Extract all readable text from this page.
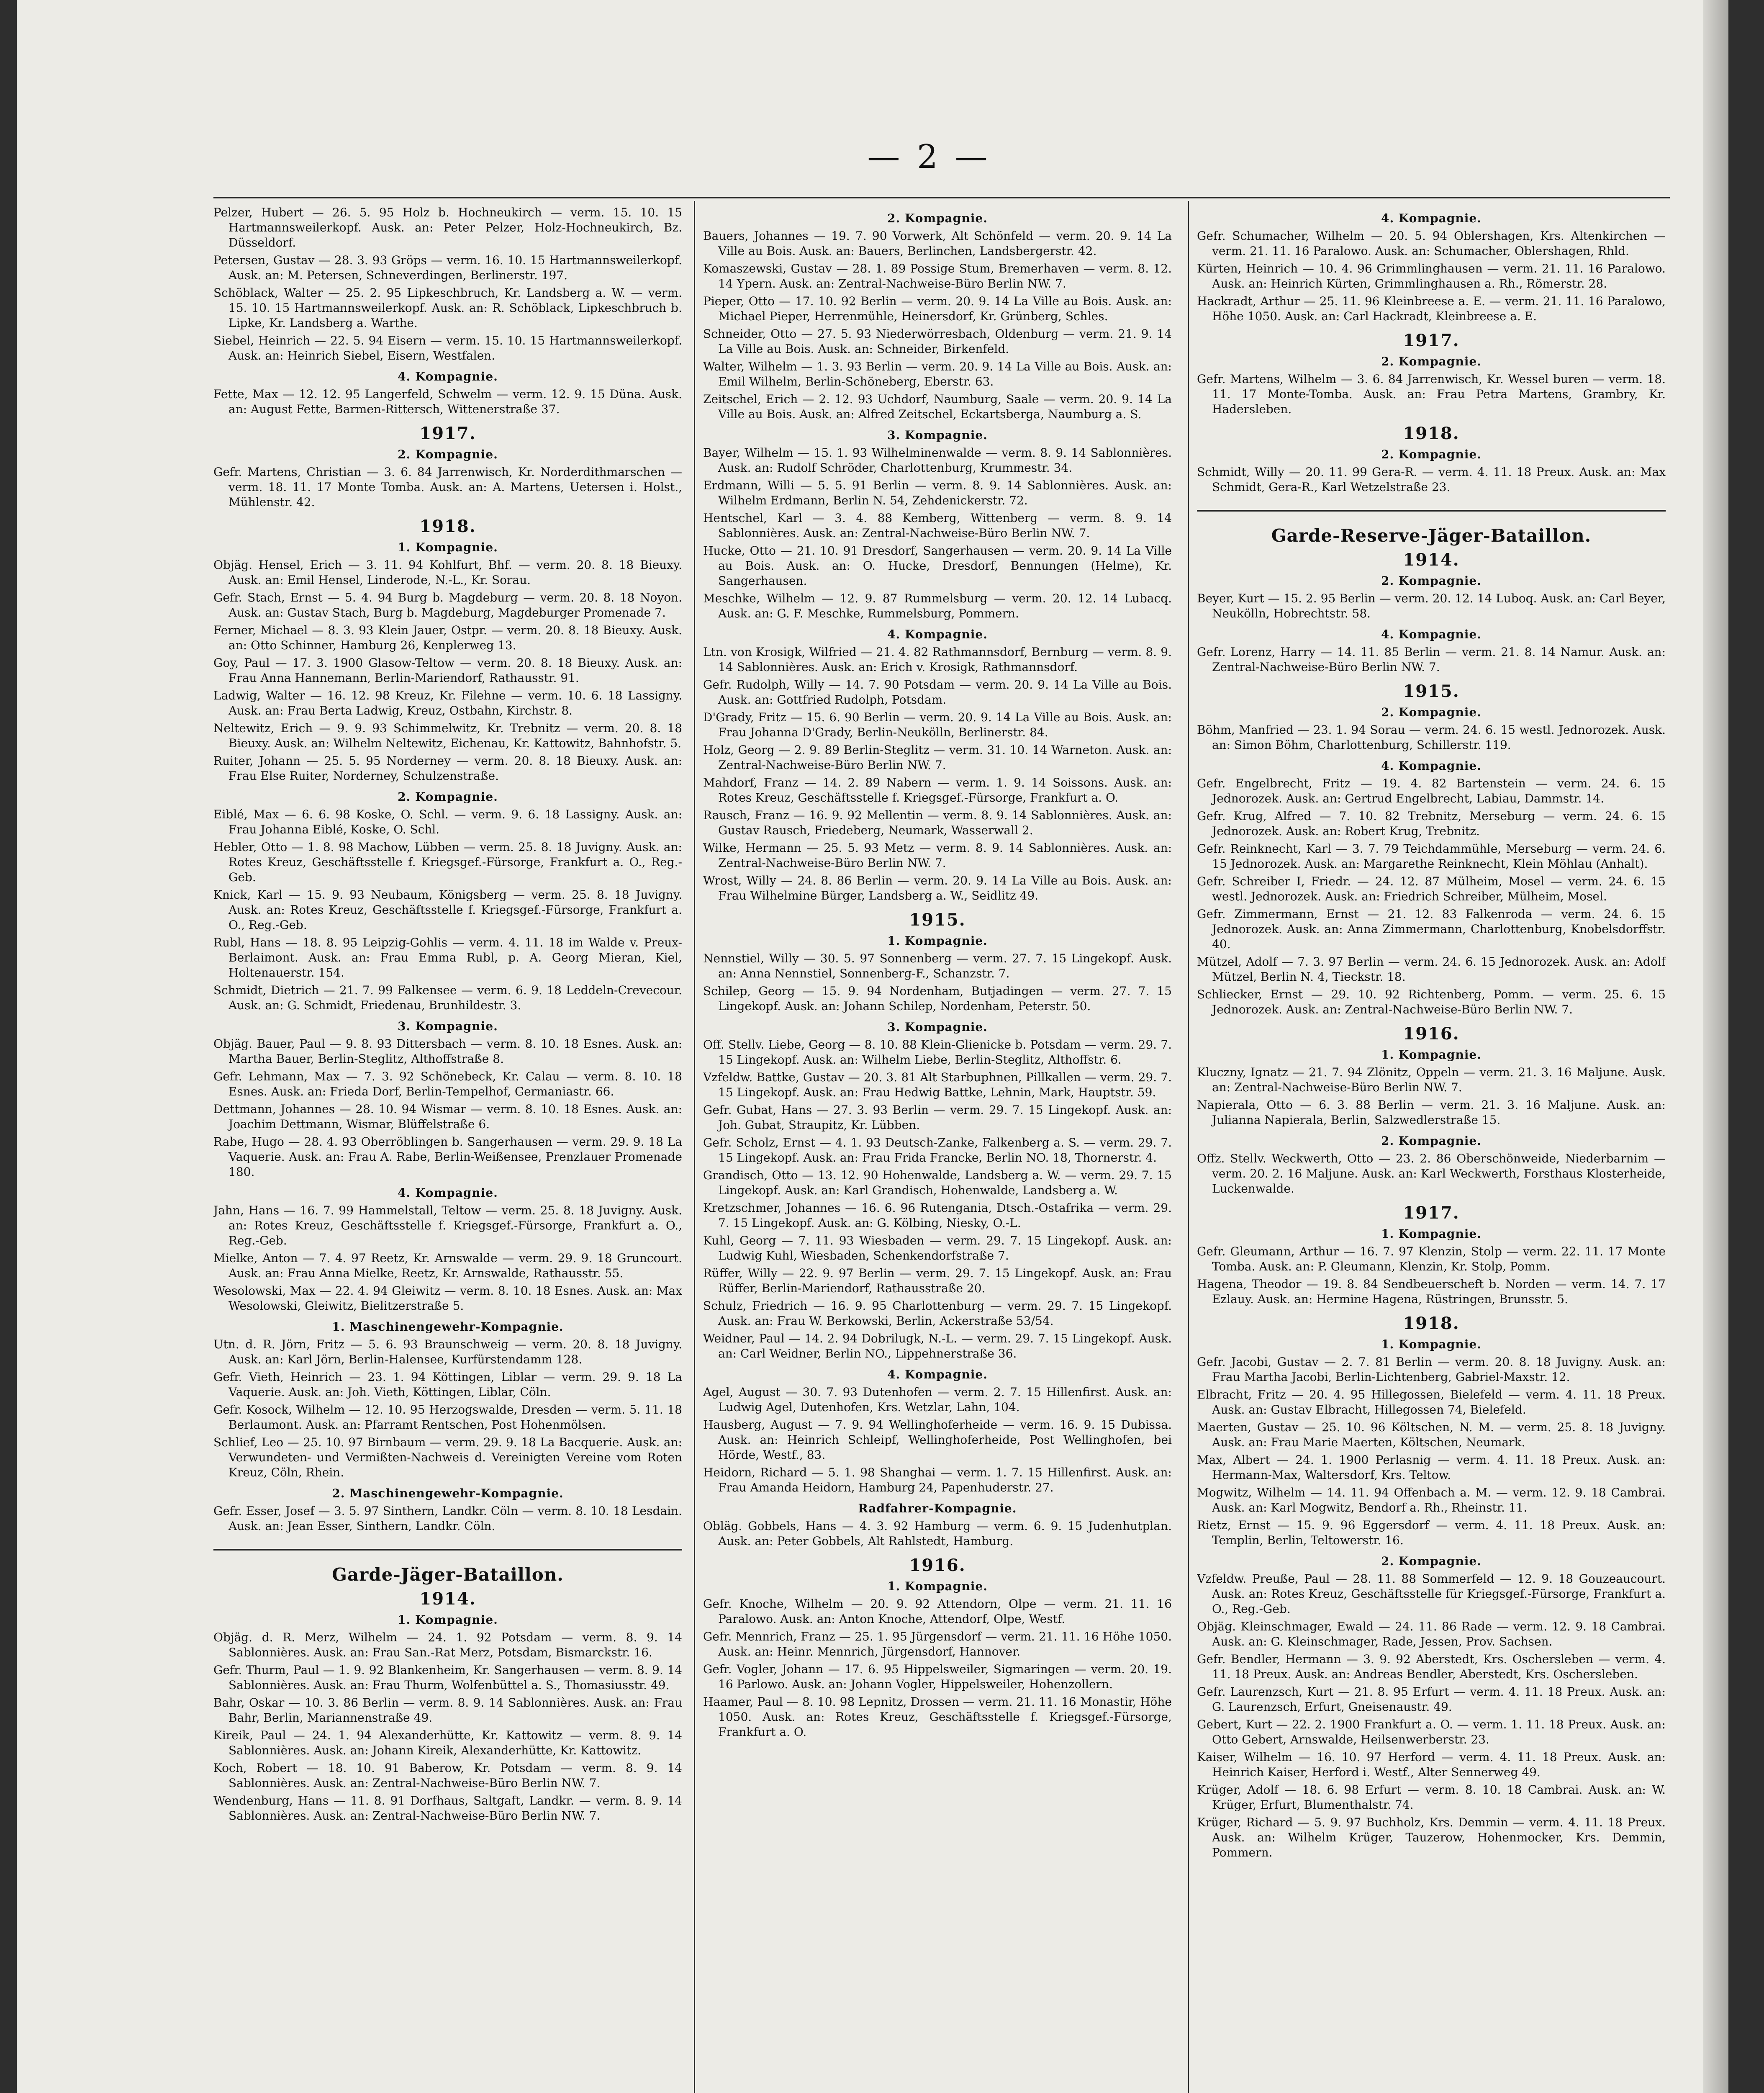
— 2 —
Pelzer, Hubert — 26. 5. 95 Holz b. Hochneukirch — verm. 15. 10. 15 Hartmannsweilerkopf. Ausk. an: Peter Pelzer, Holz-Hochneukirch, Bz. Düsseldorf.
Petersen, Gustav — 28. 3. 93 Gröps — verm. 16. 10. 15 Hartmannsweilerkopf. Ausk. an: M. Petersen, Schneverdingen, Berlinerstr. 197.
Schöblack, Walter — 25. 2. 95 Lipkeschbruch, Kr. Landsberg a. W. — verm. 15. 10. 15 Hartmannsweilerkopf. Ausk. an: R. Schöblack, Lipkeschbruch b. Lipke, Kr. Landsberg a. Warthe.
Siebel, Heinrich — 22. 5. 94 Eisern — verm. 15. 10. 15 Hartmannsweilerkopf. Ausk. an: Heinrich Siebel, Eisern, Westfalen.
4. Kompagnie.
Fette, Max — 12. 12. 95 Langerfeld, Schwelm — verm. 12. 9. 15 Düna. Ausk. an: August Fette, Barmen-Rittersch, Wittenerstraße 37.
1917.
2. Kompagnie.
Gefr. Martens, Christian — 3. 6. 84 Jarrenwisch, Kr. Norderdithmarschen — verm. 18. 11. 17 Monte Tomba. Ausk. an: A. Martens, Uetersen i. Holst., Mühlenstr. 42.
1918.
1. Kompagnie.
Objäg. Hensel, Erich — 3. 11. 94 Kohlfurt, Bhf. — verm. 20. 8. 18 Bieuxy. Ausk. an: Emil Hensel, Linderode, N.-L., Kr. Sorau.
Gefr. Stach, Ernst — 5. 4. 94 Burg b. Magdeburg — verm. 20. 8. 18 Noyon. Ausk. an: Gustav Stach, Burg b. Magdeburg, Magdeburger Promenade 7.
Ferner, Michael — 8. 3. 93 Klein Jauer, Ostpr. — verm. 20. 8. 18 Bieuxy. Ausk. an: Otto Schinner, Hamburg 26, Kenplerweg 13.
Goy, Paul — 17. 3. 1900 Glasow-Teltow — verm. 20. 8. 18 Bieuxy. Ausk. an: Frau Anna Hannemann, Berlin-Mariendorf, Rathausstr. 91.
Ladwig, Walter — 16. 12. 98 Kreuz, Kr. Filehne — verm. 10. 6. 18 Lassigny. Ausk. an: Frau Berta Ladwig, Kreuz, Ostbahn, Kirchstr. 8.
Neltewitz, Erich — 9. 9. 93 Schimmelwitz, Kr. Trebnitz — verm. 20. 8. 18 Bieuxy. Ausk. an: Wilhelm Neltewitz, Eichenau, Kr. Kattowitz, Bahnhofstr. 5.
Ruiter, Johann — 25. 5. 95 Norderney — verm. 20. 8. 18 Bieuxy. Ausk. an: Frau Else Ruiter, Norderney, Schulzenstraße.
2. Kompagnie.
Eiblé, Max — 6. 6. 98 Koske, O. Schl. — verm. 9. 6. 18 Lassigny. Ausk. an: Frau Johanna Eiblé, Koske, O. Schl.
Hebler, Otto — 1. 8. 98 Machow, Lübben — verm. 25. 8. 18 Juvigny. Ausk. an: Rotes Kreuz, Geschäftsstelle f. Kriegsgef.-Fürsorge, Frankfurt a. O., Reg.-Geb.
Knick, Karl — 15. 9. 93 Neubaum, Königsberg — verm. 25. 8. 18 Juvigny. Ausk. an: Rotes Kreuz, Geschäftsstelle f. Kriegsgef.-Fürsorge, Frankfurt a. O., Reg.-Geb.
Rubl, Hans — 18. 8. 95 Leipzig-Gohlis — verm. 4. 11. 18 im Walde v. Preux-Berlaimont. Ausk. an: Frau Emma Rubl, p. A. Georg Mieran, Kiel, Holtenauerstr. 154.
Schmidt, Dietrich — 21. 7. 99 Falkensee — verm. 6. 9. 18 Leddeln-Crevecour. Ausk. an: G. Schmidt, Friedenau, Brunhildestr. 3.
3. Kompagnie.
Objäg. Bauer, Paul — 9. 8. 93 Dittersbach — verm. 8. 10. 18 Esnes. Ausk. an: Martha Bauer, Berlin-Steglitz, Althoffstraße 8.
Gefr. Lehmann, Max — 7. 3. 92 Schönebeck, Kr. Calau — verm. 8. 10. 18 Esnes. Ausk. an: Frieda Dorf, Berlin-Tempelhof, Germaniastr. 66.
Dettmann, Johannes — 28. 10. 94 Wismar — verm. 8. 10. 18 Esnes. Ausk. an: Joachim Dettmann, Wismar, Blüffelstraße 6.
Rabe, Hugo — 28. 4. 93 Oberröblingen b. Sangerhausen — verm. 29. 9. 18 La Vaquerie. Ausk. an: Frau A. Rabe, Berlin-Weißensee, Prenzlauer Promenade 180.
4. Kompagnie.
Jahn, Hans — 16. 7. 99 Hammelstall, Teltow — verm. 25. 8. 18 Juvigny. Ausk. an: Rotes Kreuz, Geschäftsstelle f. Kriegsgef.-Fürsorge, Frankfurt a. O., Reg.-Geb.
Mielke, Anton — 7. 4. 97 Reetz, Kr. Arnswalde — verm. 29. 9. 18 Gruncourt. Ausk. an: Frau Anna Mielke, Reetz, Kr. Arnswalde, Rathausstr. 55.
Wesolowski, Max — 22. 4. 94 Gleiwitz — verm. 8. 10. 18 Esnes. Ausk. an: Max Wesolowski, Gleiwitz, Bielitzerstraße 5.
1. Maschinengewehr-Kompagnie.
Utn. d. R. Jörn, Fritz — 5. 6. 93 Braunschweig — verm. 20. 8. 18 Juvigny. Ausk. an: Karl Jörn, Berlin-Halensee, Kurfürstendamm 128.
Gefr. Vieth, Heinrich — 23. 1. 94 Köttingen, Liblar — verm. 29. 9. 18 La Vaquerie. Ausk. an: Joh. Vieth, Köttingen, Liblar, Cöln.
Gefr. Kosock, Wilhelm — 12. 10. 95 Herzogswalde, Dresden — verm. 5. 11. 18 Berlaumont. Ausk. an: Pfarramt Rentschen, Post Hohenmölsen.
Schlief, Leo — 25. 10. 97 Birnbaum — verm. 29. 9. 18 La Bacquerie. Ausk. an: Verwundeten- und Vermißten-Nachweis d. Vereinigten Vereine vom Roten Kreuz, Cöln, Rhein.
2. Maschinengewehr-Kompagnie.
Gefr. Esser, Josef — 3. 5. 97 Sinthern, Landkr. Cöln — verm. 8. 10. 18 Lesdain. Ausk. an: Jean Esser, Sinthern, Landkr. Cöln.
Garde-Jäger-Bataillon.
1914.
1. Kompagnie.
Objäg. d. R. Merz, Wilhelm — 24. 1. 92 Potsdam — verm. 8. 9. 14 Sablonnières. Ausk. an: Frau San.-Rat Merz, Potsdam, Bismarckstr. 16.
Gefr. Thurm, Paul — 1. 9. 92 Blankenheim, Kr. Sangerhausen — verm. 8. 9. 14 Sablonnières. Ausk. an: Frau Thurm, Wolfenbüttel a. S., Thomasiusstr. 49.
Bahr, Oskar — 10. 3. 86 Berlin — verm. 8. 9. 14 Sablonnières. Ausk. an: Frau Bahr, Berlin, Mariannenstraße 49.
Kireik, Paul — 24. 1. 94 Alexanderhütte, Kr. Kattowitz — verm. 8. 9. 14 Sablonnières. Ausk. an: Johann Kireik, Alexanderhütte, Kr. Kattowitz.
Koch, Robert — 18. 10. 91 Baberow, Kr. Potsdam — verm. 8. 9. 14 Sablonnières. Ausk. an: Zentral-Nachweise-Büro Berlin NW. 7.
Wendenburg, Hans — 11. 8. 91 Dorfhaus, Saltgaft, Landkr. — verm. 8. 9. 14 Sablonnières. Ausk. an: Zentral-Nachweise-Büro Berlin NW. 7.
2. Kompagnie.
Bauers, Johannes — 19. 7. 90 Vorwerk, Alt Schönfeld — verm. 20. 9. 14 La Ville au Bois. Ausk. an: Bauers, Berlinchen, Landsbergerstr. 42.
Komaszewski, Gustav — 28. 1. 89 Possige Stum, Bremerhaven — verm. 8. 12. 14 Ypern. Ausk. an: Zentral-Nachweise-Büro Berlin NW. 7.
Pieper, Otto — 17. 10. 92 Berlin — verm. 20. 9. 14 La Ville au Bois. Ausk. an: Michael Pieper, Herrenmühle, Heinersdorf, Kr. Grünberg, Schles.
Schneider, Otto — 27. 5. 93 Niederwörresbach, Oldenburg — verm. 21. 9. 14 La Ville au Bois. Ausk. an: Schneider, Birkenfeld.
Walter, Wilhelm — 1. 3. 93 Berlin — verm. 20. 9. 14 La Ville au Bois. Ausk. an: Emil Wilhelm, Berlin-Schöneberg, Eberstr. 63.
Zeitschel, Erich — 2. 12. 93 Uchdorf, Naumburg, Saale — verm. 20. 9. 14 La Ville au Bois. Ausk. an: Alfred Zeitschel, Eckartsberga, Naumburg a. S.
3. Kompagnie.
Bayer, Wilhelm — 15. 1. 93 Wilhelminenwalde — verm. 8. 9. 14 Sablonnières. Ausk. an: Rudolf Schröder, Charlottenburg, Krummestr. 34.
Erdmann, Willi — 5. 5. 91 Berlin — verm. 8. 9. 14 Sablonnières. Ausk. an: Wilhelm Erdmann, Berlin N. 54, Zehdenickerstr. 72.
Hentschel, Karl — 3. 4. 88 Kemberg, Wittenberg — verm. 8. 9. 14 Sablonnières. Ausk. an: Zentral-Nachweise-Büro Berlin NW. 7.
Hucke, Otto — 21. 10. 91 Dresdorf, Sangerhausen — verm. 20. 9. 14 La Ville au Bois. Ausk. an: O. Hucke, Dresdorf, Bennungen (Helme), Kr. Sangerhausen.
Meschke, Wilhelm — 12. 9. 87 Rummelsburg — verm. 20. 12. 14 Lubacq. Ausk. an: G. F. Meschke, Rummelsburg, Pommern.
4. Kompagnie.
Ltn. von Krosigk, Wilfried — 21. 4. 82 Rathmannsdorf, Bernburg — verm. 8. 9. 14 Sablonnières. Ausk. an: Erich v. Krosigk, Rathmannsdorf.
Gefr. Rudolph, Willy — 14. 7. 90 Potsdam — verm. 20. 9. 14 La Ville au Bois. Ausk. an: Gottfried Rudolph, Potsdam.
D'Grady, Fritz — 15. 6. 90 Berlin — verm. 20. 9. 14 La Ville au Bois. Ausk. an: Frau Johanna D'Grady, Berlin-Neukölln, Berlinerstr. 84.
Holz, Georg — 2. 9. 89 Berlin-Steglitz — verm. 31. 10. 14 Warneton. Ausk. an: Zentral-Nachweise-Büro Berlin NW. 7.
Mahdorf, Franz — 14. 2. 89 Nabern — verm. 1. 9. 14 Soissons. Ausk. an: Rotes Kreuz, Geschäftsstelle f. Kriegsgef.-Fürsorge, Frankfurt a. O.
Rausch, Franz — 16. 9. 92 Mellentin — verm. 8. 9. 14 Sablonnières. Ausk. an: Gustav Rausch, Friedeberg, Neumark, Wasserwall 2.
Wilke, Hermann — 25. 5. 93 Metz — verm. 8. 9. 14 Sablonnières. Ausk. an: Zentral-Nachweise-Büro Berlin NW. 7.
Wrost, Willy — 24. 8. 86 Berlin — verm. 20. 9. 14 La Ville au Bois. Ausk. an: Frau Wilhelmine Bürger, Landsberg a. W., Seidlitz 49.
1915.
1. Kompagnie.
Nennstiel, Willy — 30. 5. 97 Sonnenberg — verm. 27. 7. 15 Lingekopf. Ausk. an: Anna Nennstiel, Sonnenberg-F., Schanzstr. 7.
Schilep, Georg — 15. 9. 94 Nordenham, Butjadingen — verm. 27. 7. 15 Lingekopf. Ausk. an: Johann Schilep, Nordenham, Peterstr. 50.
3. Kompagnie.
Off. Stellv. Liebe, Georg — 8. 10. 88 Klein-Glienicke b. Potsdam — verm. 29. 7. 15 Lingekopf. Ausk. an: Wilhelm Liebe, Berlin-Steglitz, Althoffstr. 6.
Vzfeldw. Battke, Gustav — 20. 3. 81 Alt Starbuphnen, Pillkallen — verm. 29. 7. 15 Lingekopf. Ausk. an: Frau Hedwig Battke, Lehnin, Mark, Hauptstr. 59.
Gefr. Gubat, Hans — 27. 3. 93 Berlin — verm. 29. 7. 15 Lingekopf. Ausk. an: Joh. Gubat, Straupitz, Kr. Lübben.
Gefr. Scholz, Ernst — 4. 1. 93 Deutsch-Zanke, Falkenberg a. S. — verm. 29. 7. 15 Lingekopf. Ausk. an: Frau Frida Francke, Berlin NO. 18, Thornerstr. 4.
Grandisch, Otto — 13. 12. 90 Hohenwalde, Landsberg a. W. — verm. 29. 7. 15 Lingekopf. Ausk. an: Karl Grandisch, Hohenwalde, Landsberg a. W.
Kretzschmer, Johannes — 16. 6. 96 Rutengania, Dtsch.-Ostafrika — verm. 29. 7. 15 Lingekopf. Ausk. an: G. Kölbing, Niesky, O.-L.
Kuhl, Georg — 7. 11. 93 Wiesbaden — verm. 29. 7. 15 Lingekopf. Ausk. an: Ludwig Kuhl, Wiesbaden, Schenkendorfstraße 7.
Rüffer, Willy — 22. 9. 97 Berlin — verm. 29. 7. 15 Lingekopf. Ausk. an: Frau Rüffer, Berlin-Mariendorf, Rathausstraße 20.
Schulz, Friedrich — 16. 9. 95 Charlottenburg — verm. 29. 7. 15 Lingekopf. Ausk. an: Frau W. Berkowski, Berlin, Ackerstraße 53/54.
Weidner, Paul — 14. 2. 94 Dobrilugk, N.-L. — verm. 29. 7. 15 Lingekopf. Ausk. an: Carl Weidner, Berlin NO., Lippehnerstraße 36.
4. Kompagnie.
Agel, August — 30. 7. 93 Dutenhofen — verm. 2. 7. 15 Hillenfirst. Ausk. an: Ludwig Agel, Dutenhofen, Krs. Wetzlar, Lahn, 104.
Hausberg, August — 7. 9. 94 Wellinghoferheide — verm. 16. 9. 15 Dubissa. Ausk. an: Heinrich Schleipf, Wellinghoferheide, Post Wellinghofen, bei Hörde, Westf., 83.
Heidorn, Richard — 5. 1. 98 Shanghai — verm. 1. 7. 15 Hillenfirst. Ausk. an: Frau Amanda Heidorn, Hamburg 24, Papenhuderstr. 27.
Radfahrer-Kompagnie.
Obläg. Gobbels, Hans — 4. 3. 92 Hamburg — verm. 6. 9. 15 Judenhutplan. Ausk. an: Peter Gobbels, Alt Rahlstedt, Hamburg.
1916.
1. Kompagnie.
Gefr. Knoche, Wilhelm — 20. 9. 92 Attendorn, Olpe — verm. 21. 11. 16 Paralowo. Ausk. an: Anton Knoche, Attendorf, Olpe, Westf.
Gefr. Mennrich, Franz — 25. 1. 95 Jürgensdorf — verm. 21. 11. 16 Höhe 1050. Ausk. an: Heinr. Mennrich, Jürgensdorf, Hannover.
Gefr. Vogler, Johann — 17. 6. 95 Hippelsweiler, Sigmaringen — verm. 20. 19. 16 Parlowo. Ausk. an: Johann Vogler, Hippelsweiler, Hohenzollern.
Haamer, Paul — 8. 10. 98 Lepnitz, Drossen — verm. 21. 11. 16 Monastir, Höhe 1050. Ausk. an: Rotes Kreuz, Geschäftsstelle f. Kriegsgef.-Fürsorge, Frankfurt a. O.
4. Kompagnie.
Gefr. Schumacher, Wilhelm — 20. 5. 94 Oblershagen, Krs. Altenkirchen — verm. 21. 11. 16 Paralowo. Ausk. an: Schumacher, Oblershagen, Rhld.
Kürten, Heinrich — 10. 4. 96 Grimmlinghausen — verm. 21. 11. 16 Paralowo. Ausk. an: Heinrich Kürten, Grimmlinghausen a. Rh., Römerstr. 28.
Hackradt, Arthur — 25. 11. 96 Kleinbreese a. E. — verm. 21. 11. 16 Paralowo, Höhe 1050. Ausk. an: Carl Hackradt, Kleinbreese a. E.
1917.
2. Kompagnie.
Gefr. Martens, Wilhelm — 3. 6. 84 Jarrenwisch, Kr. Wessel buren — verm. 18. 11. 17 Monte-Tomba. Ausk. an: Frau Petra Martens, Grambry, Kr. Hadersleben.
1918.
2. Kompagnie.
Schmidt, Willy — 20. 11. 99 Gera-R. — verm. 4. 11. 18 Preux. Ausk. an: Max Schmidt, Gera-R., Karl Wetzelstraße 23.
Garde-Reserve-Jäger-Bataillon.
1914.
2. Kompagnie.
Beyer, Kurt — 15. 2. 95 Berlin — verm. 20. 12. 14 Luboq. Ausk. an: Carl Beyer, Neukölln, Hobrechtstr. 58.
4. Kompagnie.
Gefr. Lorenz, Harry — 14. 11. 85 Berlin — verm. 21. 8. 14 Namur. Ausk. an: Zentral-Nachweise-Büro Berlin NW. 7.
1915.
2. Kompagnie.
Böhm, Manfried — 23. 1. 94 Sorau — verm. 24. 6. 15 westl. Jednorozek. Ausk. an: Simon Böhm, Charlottenburg, Schillerstr. 119.
4. Kompagnie.
Gefr. Engelbrecht, Fritz — 19. 4. 82 Bartenstein — verm. 24. 6. 15 Jednorozek. Ausk. an: Gertrud Engelbrecht, Labiau, Dammstr. 14.
Gefr. Krug, Alfred — 7. 10. 82 Trebnitz, Merseburg — verm. 24. 6. 15 Jednorozek. Ausk. an: Robert Krug, Trebnitz.
Gefr. Reinknecht, Karl — 3. 7. 79 Teichdammühle, Merseburg — verm. 24. 6. 15 Jednorozek. Ausk. an: Margarethe Reinknecht, Klein Möhlau (Anhalt).
Gefr. Schreiber I, Friedr. — 24. 12. 87 Mülheim, Mosel — verm. 24. 6. 15 westl. Jednorozek. Ausk. an: Friedrich Schreiber, Mülheim, Mosel.
Gefr. Zimmermann, Ernst — 21. 12. 83 Falkenroda — verm. 24. 6. 15 Jednorozek. Ausk. an: Anna Zimmermann, Charlottenburg, Knobelsdorffstr. 40.
Mützel, Adolf — 7. 3. 97 Berlin — verm. 24. 6. 15 Jednorozek. Ausk. an: Adolf Mützel, Berlin N. 4, Tieckstr. 18.
Schliecker, Ernst — 29. 10. 92 Richtenberg, Pomm. — verm. 25. 6. 15 Jednorozek. Ausk. an: Zentral-Nachweise-Büro Berlin NW. 7.
1916.
1. Kompagnie.
Kluczny, Ignatz — 21. 7. 94 Zlönitz, Oppeln — verm. 21. 3. 16 Maljune. Ausk. an: Zentral-Nachweise-Büro Berlin NW. 7.
Napierala, Otto — 6. 3. 88 Berlin — verm. 21. 3. 16 Maljune. Ausk. an: Julianna Napierala, Berlin, Salzwedlerstraße 15.
2. Kompagnie.
Offz. Stellv. Weckwerth, Otto — 23. 2. 86 Oberschönweide, Niederbarnim — verm. 20. 2. 16 Maljune. Ausk. an: Karl Weckwerth, Forsthaus Klosterheide, Luckenwalde.
1917.
1. Kompagnie.
Gefr. Gleumann, Arthur — 16. 7. 97 Klenzin, Stolp — verm. 22. 11. 17 Monte Tomba. Ausk. an: P. Gleumann, Klenzin, Kr. Stolp, Pomm.
Hagena, Theodor — 19. 8. 84 Sendbeuerscheft b. Norden — verm. 14. 7. 17 Ezlauy. Ausk. an: Hermine Hagena, Rüstringen, Brunsstr. 5.
1918.
1. Kompagnie.
Gefr. Jacobi, Gustav — 2. 7. 81 Berlin — verm. 20. 8. 18 Juvigny. Ausk. an: Frau Martha Jacobi, Berlin-Lichtenberg, Gabriel-Maxstr. 12.
Elbracht, Fritz — 20. 4. 95 Hillegossen, Bielefeld — verm. 4. 11. 18 Preux. Ausk. an: Gustav Elbracht, Hillegossen 74, Bielefeld.
Maerten, Gustav — 25. 10. 96 Költschen, N. M. — verm. 25. 8. 18 Juvigny. Ausk. an: Frau Marie Maerten, Költschen, Neumark.
Max, Albert — 24. 1. 1900 Perlasnig — verm. 4. 11. 18 Preux. Ausk. an: Hermann-Max, Waltersdorf, Krs. Teltow.
Mogwitz, Wilhelm — 14. 11. 94 Offenbach a. M. — verm. 12. 9. 18 Cambrai. Ausk. an: Karl Mogwitz, Bendorf a. Rh., Rheinstr. 11.
Rietz, Ernst — 15. 9. 96 Eggersdorf — verm. 4. 11. 18 Preux. Ausk. an: Templin, Berlin, Teltowerstr. 16.
2. Kompagnie.
Vzfeldw. Preuße, Paul — 28. 11. 88 Sommerfeld — 12. 9. 18 Gouzeaucourt. Ausk. an: Rotes Kreuz, Geschäftsstelle für Kriegsgef.-Fürsorge, Frankfurt a. O., Reg.-Geb.
Objäg. Kleinschmager, Ewald — 24. 11. 86 Rade — verm. 12. 9. 18 Cambrai. Ausk. an: G. Kleinschmager, Rade, Jessen, Prov. Sachsen.
Gefr. Bendler, Hermann — 3. 9. 92 Aberstedt, Krs. Oschersleben — verm. 4. 11. 18 Preux. Ausk. an: Andreas Bendler, Aberstedt, Krs. Oschersleben.
Gefr. Laurenzsch, Kurt — 21. 8. 95 Erfurt — verm. 4. 11. 18 Preux. Ausk. an: G. Laurenzsch, Erfurt, Gneisenaustr. 49.
Gebert, Kurt — 22. 2. 1900 Frankfurt a. O. — verm. 1. 11. 18 Preux. Ausk. an: Otto Gebert, Arnswalde, Heilsenwerberstr. 23.
Kaiser, Wilhelm — 16. 10. 97 Herford — verm. 4. 11. 18 Preux. Ausk. an: Heinrich Kaiser, Herford i. Westf., Alter Sennerweg 49.
Krüger, Adolf — 18. 6. 98 Erfurt — verm. 8. 10. 18 Cambrai. Ausk. an: W. Krüger, Erfurt, Blumenthalstr. 74.
Krüger, Richard — 5. 9. 97 Buchholz, Krs. Demmin — verm. 4. 11. 18 Preux. Ausk. an: Wilhelm Krüger, Tauzerow, Hohenmocker, Krs. Demmin, Pommern.
